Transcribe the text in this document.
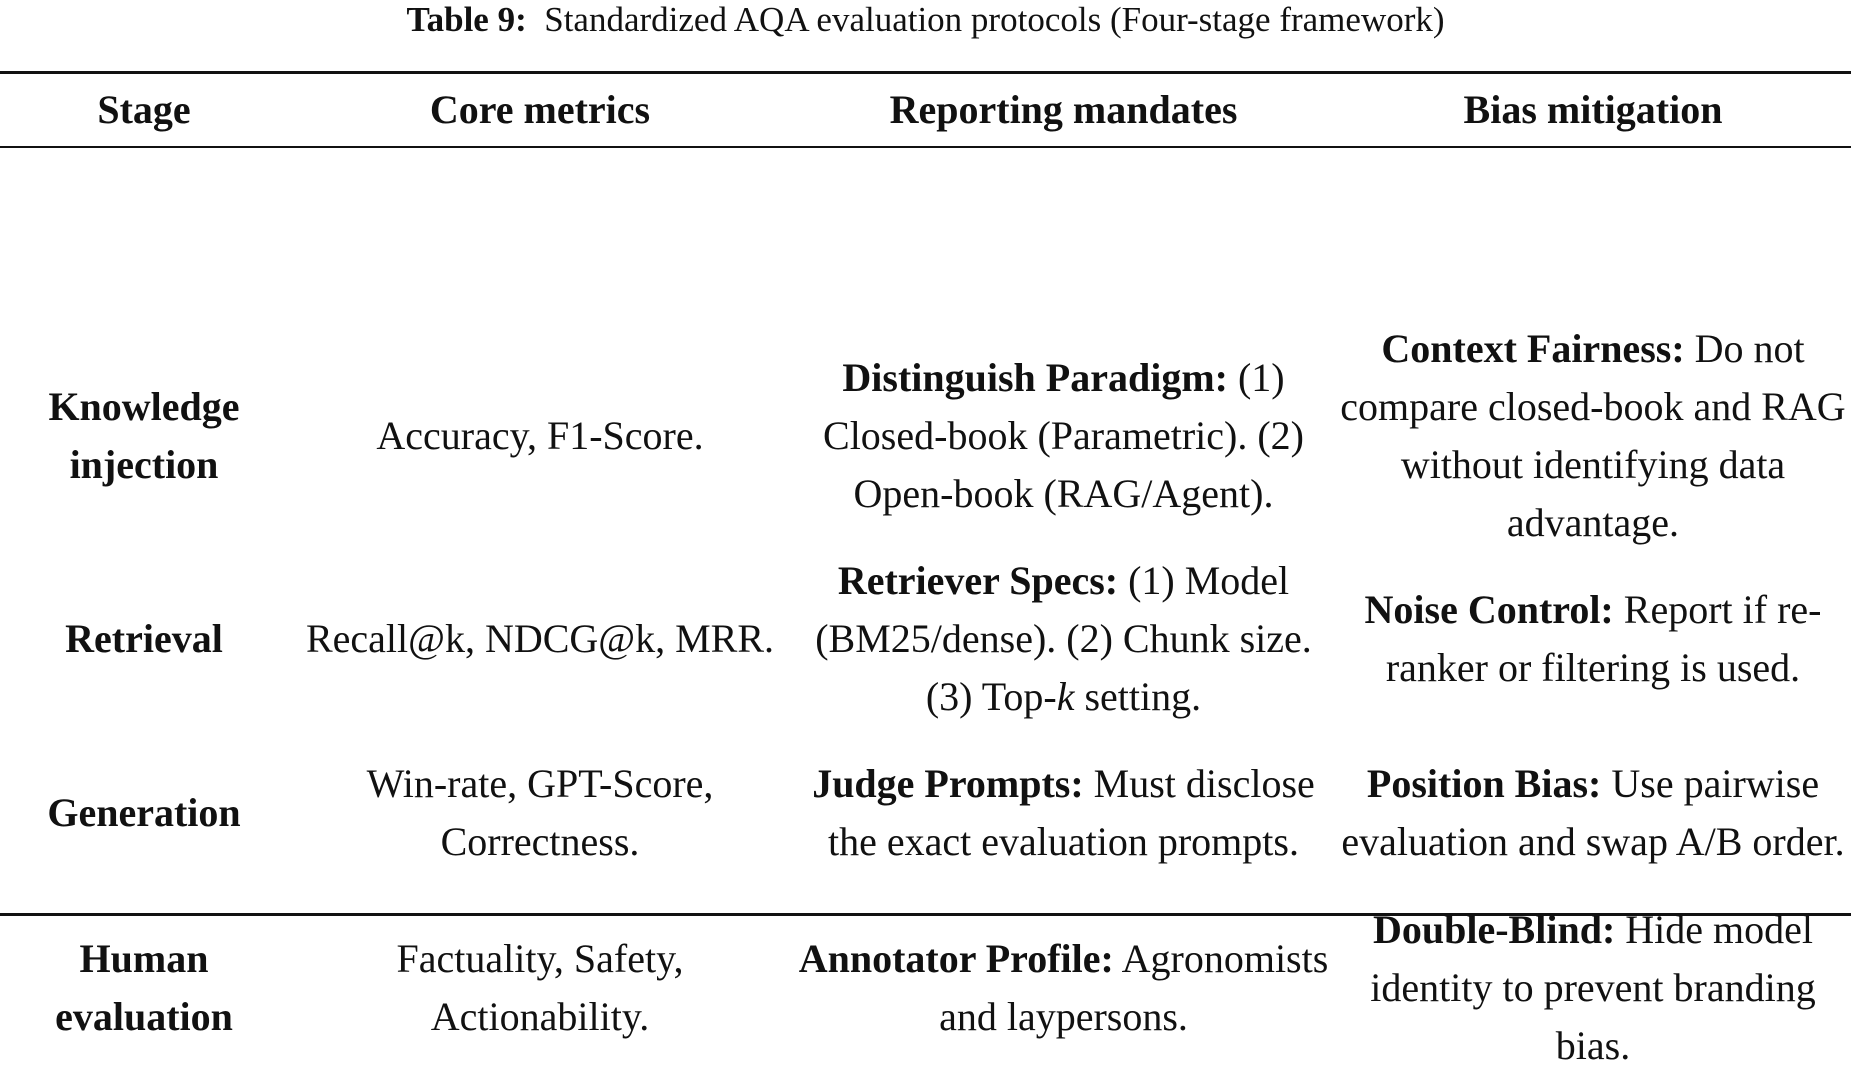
Table 9: Standardized AQA evaluation protocols (Four-stage framework)
Stage	Core metrics	Reporting mandates	Bias mitigation

Knowledge injection	Accuracy, F1-Score.	Distinguish Paradigm: (1) Closed-book (Parametric). (2) Open-book (RAG/Agent).	Context Fairness: Do not compare closed-book and RAG without identifying data advantage.
Retrieval	Recall@k, NDCG@k, MRR.	Retriever Specs: (1) Model (BM25/dense). (2) Chunk size. (3) Top-k setting.	Noise Control: Report if re-ranker or filtering is used.
Generation	Win-rate, GPT-Score, Correctness.	Judge Prompts: Must disclose the exact evaluation prompts.	Position Bias: Use pairwise evaluation and swap A/B order.
Human evaluation	Factuality, Safety, Actionability.	Annotator Profile: Agronomists and laypersons.	Double-Blind: Hide model identity to prevent branding bias.
